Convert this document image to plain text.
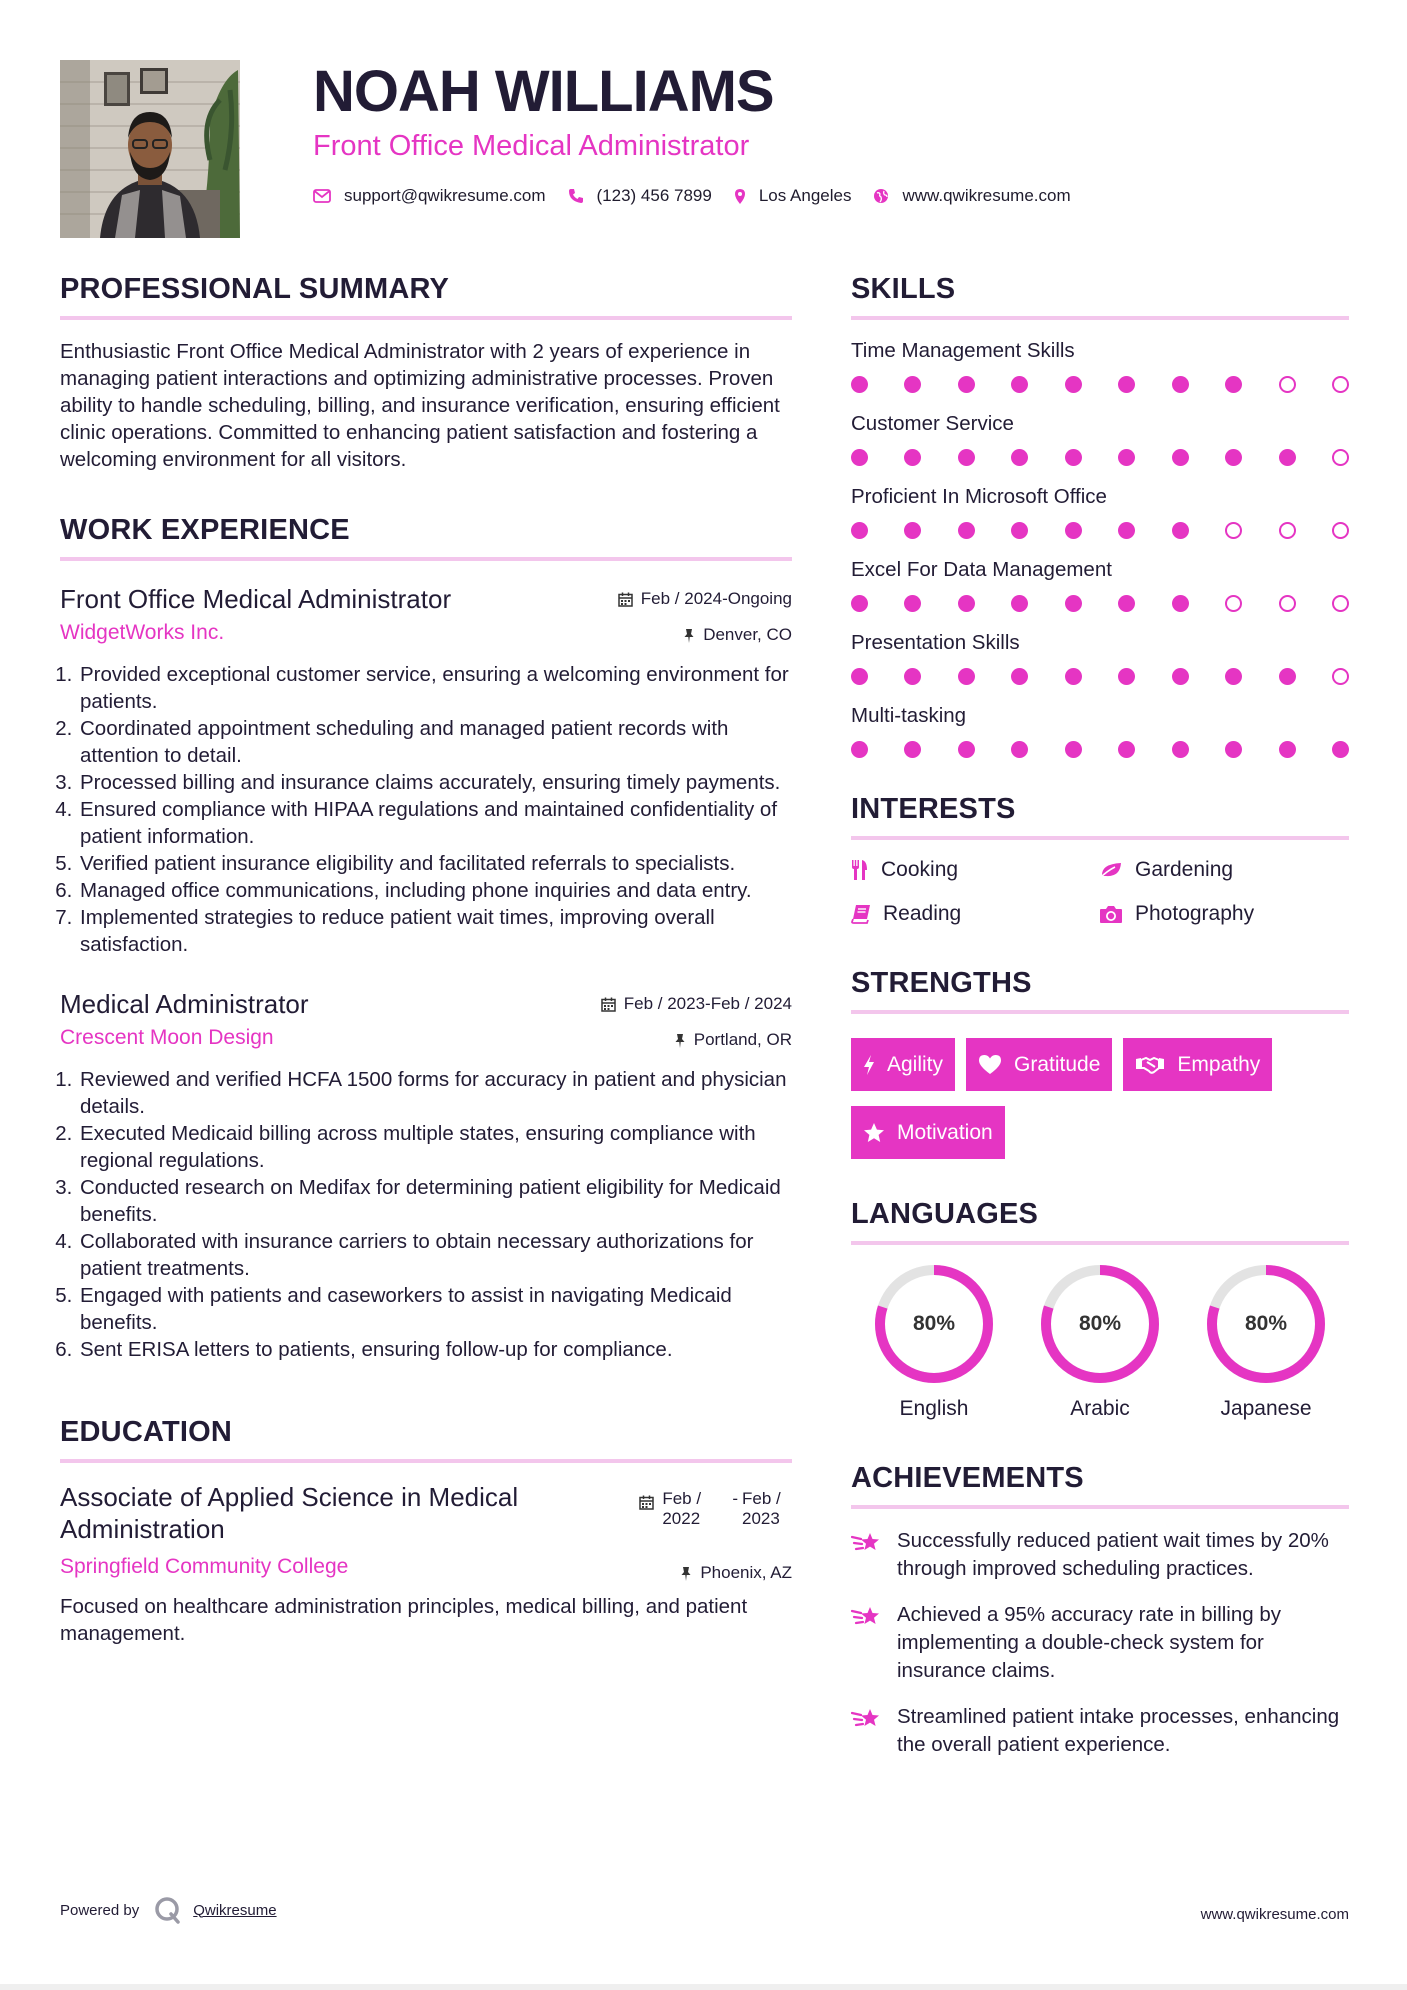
NOAH WILLIAMS
Front Office Medical Administrator
support@qwikresume.com	(123) 456 7899	Los Angeles	www.qwikresume.com
PROFESSIONAL SUMMARY

Enthusiastic Front Office Medical Administrator with 2 years of experience in managing patient interactions and optimizing administrative processes. Proven ability to handle scheduling, billing, and insurance verification, ensuring efficient clinic operations. Committed to enhancing patient satisfaction and fostering a welcoming environment for all visitors.

WORK EXPERIENCE
Feb / 2024-Ongoing
Denver, CO
Front Office Medical Administrator
WidgetWorks Inc.
1. Provided exceptional customer service, ensuring a welcoming environment for patients.
2. Coordinated appointment scheduling and managed patient records with attention to detail.
3. Processed billing and insurance claims accurately, ensuring timely payments.
4. Ensured compliance with HIPAA regulations and maintained confidentiality of patient information.
5. Verified patient insurance eligibility and facilitated referrals to specialists.
6. Managed office communications, including phone inquiries and data entry.
7. Implemented strategies to reduce patient wait times, improving overall satisfaction.
Feb / 2023-Feb / 2024
Portland, OR
Medical Administrator
Crescent Moon Design
1. Reviewed and verified HCFA 1500 forms for accuracy in patient and physician details.
2. Executed Medicaid billing across multiple states, ensuring compliance with regional regulations.
3. Conducted research on Medifax for determining patient eligibility for Medicaid benefits.
4. Collaborated with insurance carriers to obtain necessary authorizations for patient treatments.
5. Engaged with patients and caseworkers to assist in navigating Medicaid benefits.
6. Sent ERISA letters to patients, ensuring follow-up for compliance.
EDUCATION
Feb / 2022
- Feb / 2023
Phoenix, AZ
Associate of Applied Science in Medical Administration
Springfield Community College

Focused on healthcare administration principles, medical billing, and patient management.

SKILLS
Time Management Skills
Customer Service
Proficient In Microsoft Office
Excel For Data Management
Presentation Skills
Multi-tasking
INTERESTS
Cooking	Gardening
Reading	Photography
STRENGTHS
Agility	Gratitude	Empathy
Motivation
LANGUAGES
80%
English
80%
Arabic
80%
Japanese
ACHIEVEMENTS

Successfully reduced patient wait times by 20% through improved scheduling practices.

Achieved a 95% accuracy rate in billing by implementing a double-check system for insurance claims.

Streamlined patient intake processes, enhancing the overall patient experience.

Powered by	Qwikresume	www.qwikresume.com
